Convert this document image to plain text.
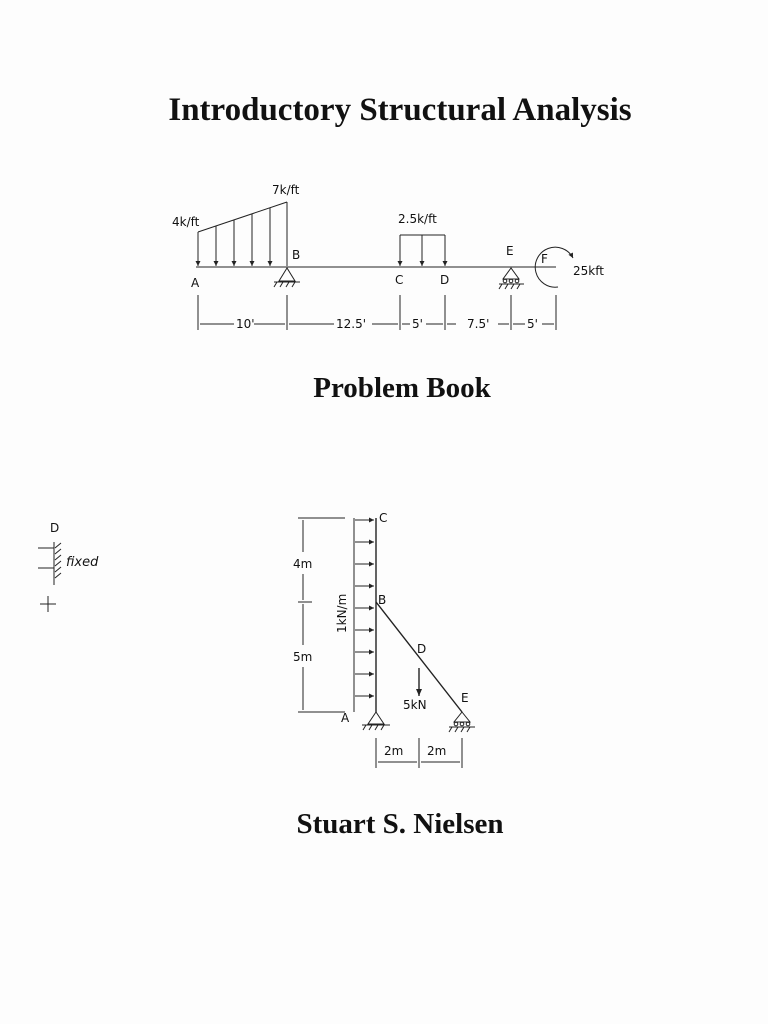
Introductory Structural Analysis
Problem Book
Stuart S. Nielsen
4k/ft
7k/ft
2.5k/ft
25kft
A
B
C	D
E
F
10'	12.5'	5'	7.5'	5'
1kN/m
5kN
A
B
C
D
E
4m
5m
2m 2m
D
fixed
